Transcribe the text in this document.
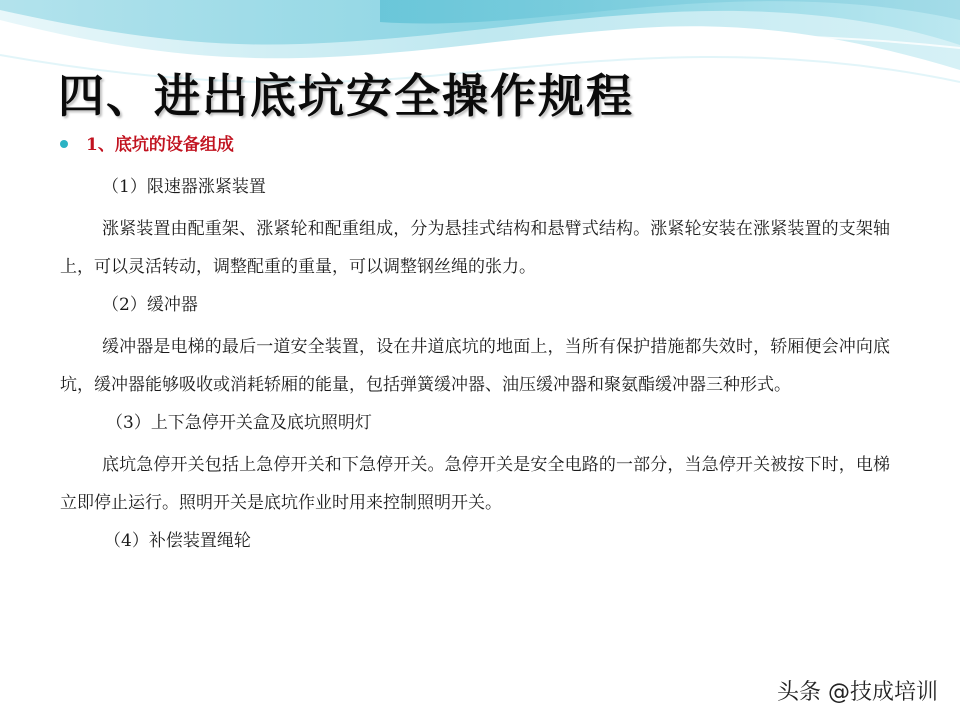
四、进出底坑安全操作规程
1、底坑的设备组成

（1）限速器涨紧装置

涨紧装置由配重架、涨紧轮和配重组成，分为悬挂式结构和悬臂式结构。涨紧轮安装在涨紧装置的支架轴上，可以灵活转动，调整配重的重量，可以调整钢丝绳的张力。

（2）缓冲器

缓冲器是电梯的最后一道安全装置，设在井道底坑的地面上，当所有保护措施都失效时，轿厢便会冲向底坑，缓冲器能够吸收或消耗轿厢的能量，包括弹簧缓冲器、油压缓冲器和聚氨酯缓冲器三种形式。

（3）上下急停开关盒及底坑照明灯

底坑急停开关包括上急停开关和下急停开关。急停开关是安全电路的一部分，当急停开关被按下时，电梯立即停止运行。照明开关是底坑作业时用来控制照明开关。

（4）补偿装置绳轮

头条 @技成培训
